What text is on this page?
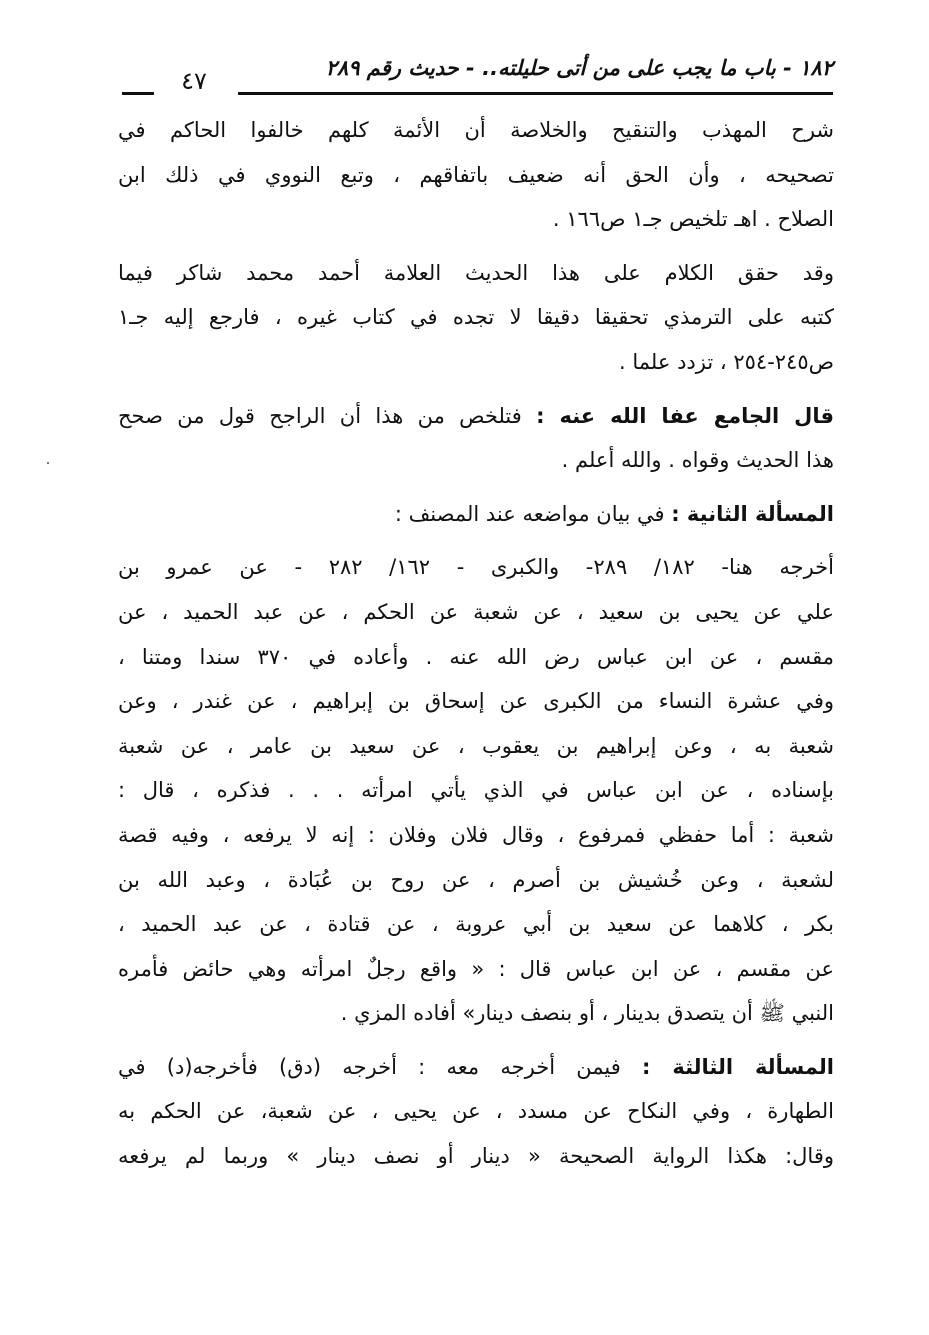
١٨٢ - باب ما يجب على من أتى حليلته.. - حديث رقم ٢٨٩
٤٧

شرح المهذب والتنقيح والخلاصة أن الأئمة كلهم خالفوا الحاكم في
تصحيحه ، وأن الحق أنه ضعيف باتفاقهم ، وتبع النووي في ذلك ابن
الصلاح . اهـ تلخيص جـ١ ص١٦٦ .

وقد حقق الكلام على هذا الحديث العلامة أحمد محمد شاكر فيما
كتبه على الترمذي تحقيقا دقيقا لا تجده في كتاب غيره ، فارجع إليه جـ١
ص٢٤٥-٢٥٤ ، تزدد علما .

قال الجامع عفا الله عنه : فتلخص من هذا أن الراجح قول من صحح
هذا الحديث وقواه . والله أعلم .

المسألة الثانية : في بيان مواضعه عند المصنف :

أخرجه هنا- ١٨٢/ ٢٨٩- والكبرى - ١٦٢/ ٢٨٢ - عن عمرو بن
علي عن يحيى بن سعيد ، عن شعبة عن الحكم ، عن عبد الحميد ، عن
مقسم ، عن ابن عباس رض الله عنه . وأعاده في ٣٧٠ سندا ومتنا ،
وفي عشرة النساء من الكبرى عن إسحاق بن إبراهيم ، عن غندر ، وعن
شعبة به ، وعن إبراهيم بن يعقوب ، عن سعيد بن عامر ، عن شعبة
بإسناده ، عن ابن عباس في الذي يأتي امرأته . . . فذكره ، قال :
شعبة : أما حفظي فمرفوع ، وقال فلان وفلان : إنه لا يرفعه ، وفيه قصة
لشعبة ، وعن خُشيش بن أصرم ، عن روح بن عُبَادة ، وعبد الله بن
بكر ، كلاهما عن سعيد بن أبي عروبة ، عن قتادة ، عن عبد الحميد ،
عن مقسم ، عن ابن عباس قال : « واقع رجلٌ امرأته وهي حائض فأمره
النبي ﷺ أن يتصدق بدينار ، أو بنصف دينار» أفاده المزي .

المسألة الثالثة : فيمن أخرجه معه : أخرجه (دق) فأخرجه(د) في
الطهارة ، وفي النكاح عن مسدد ، عن يحيى ، عن شعبة، عن الحكم به
وقال: هكذا الرواية الصحيحة « دينار أو نصف دينار » وربما لم يرفعه
